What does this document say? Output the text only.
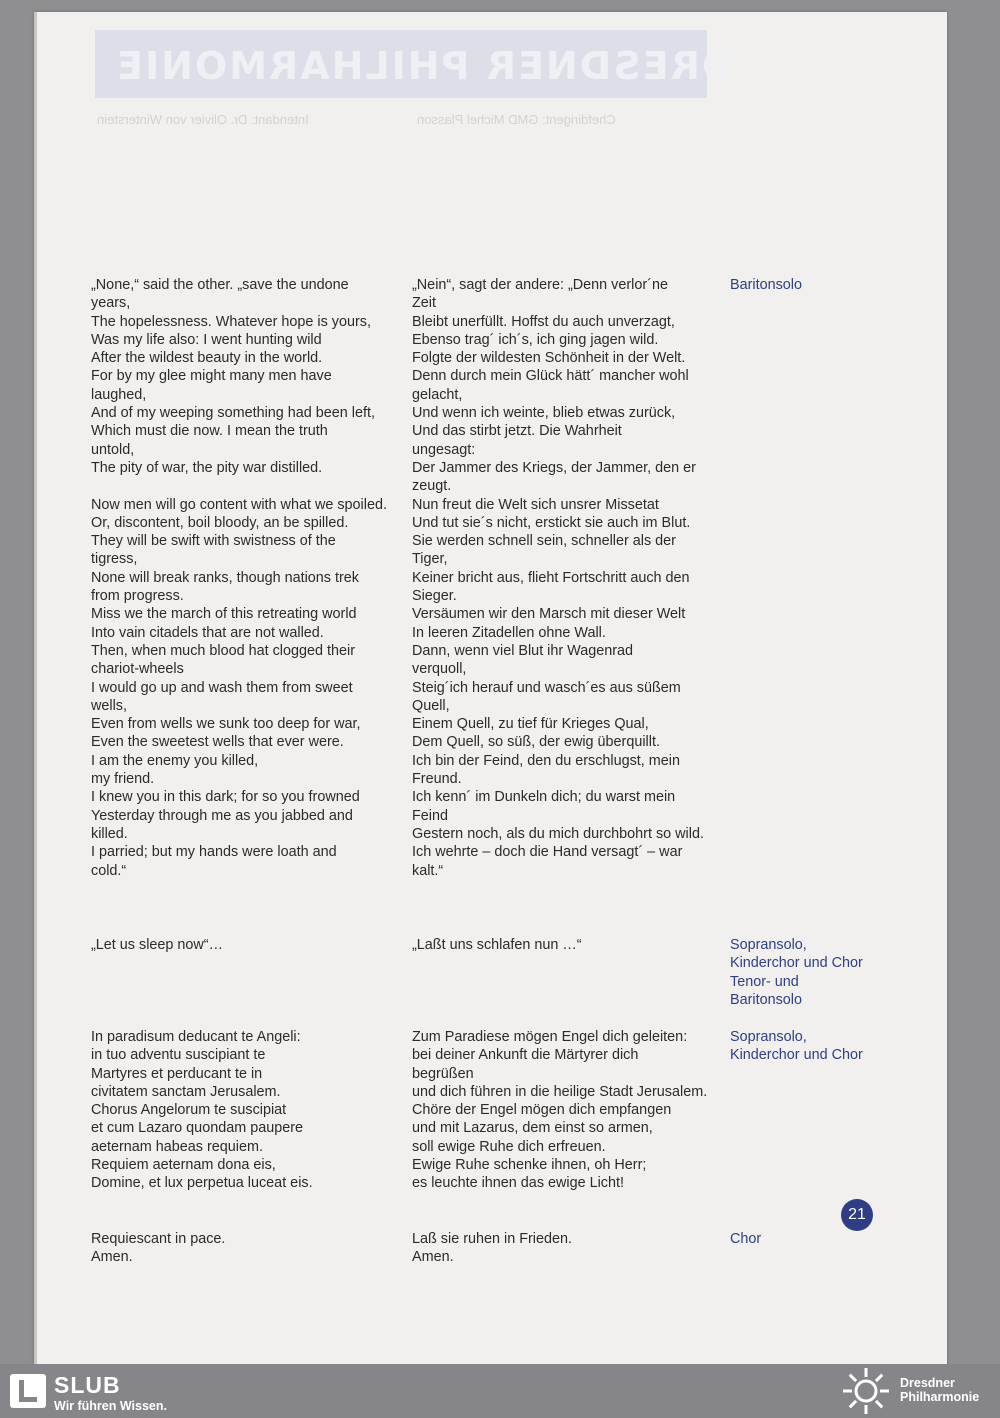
DRESDNER PHILHARMONIE
Chefdirigent: GMD Michel Plasson
Intendant: Dr. Olivier von Winterstein
„None,“ said the other. „save the undone
years,
The hopelessness. Whatever hope is yours,
Was my life also: I went hunting wild
After the wildest beauty in the world.
For by my glee might many men have
laughed,
And of my weeping something had been left,
Which must die now. I mean the truth
untold,
The pity of war, the pity war distilled.

Now men will go content with what we spoiled.
Or, discontent, boil bloody, an be spilled.
They will be swift with swistness of the
tigress,
None will break ranks, though nations trek
from progress.
Miss we the march of this retreating world
Into vain citadels that are not walled.
Then, when much blood hat clogged their
chariot-wheels
I would go up and wash them from sweet
wells,
Even from wells we sunk too deep for war,
Even the sweetest wells that ever were.
I am the enemy you killed,
my friend.
I knew you in this dark; for so you frowned
Yesterday through me as you jabbed and
killed.
I parried; but my hands were loath and
cold.“
„Nein“, sagt der andere: „Denn verlor´ne
Zeit
Bleibt unerfüllt. Hoffst du auch unverzagt,
Ebenso trag´ ich´s, ich ging jagen wild.
Folgte der wildesten Schönheit in der Welt.
Denn durch mein Glück hätt´ mancher wohl
gelacht,
Und wenn ich weinte, blieb etwas zurück,
Und das stirbt jetzt. Die Wahrheit
ungesagt:
Der Jammer des Kriegs, der Jammer, den er
zeugt.
Nun freut die Welt sich unsrer Missetat
Und tut sie´s nicht, erstickt sie auch im Blut.
Sie werden schnell sein, schneller als der
Tiger,
Keiner bricht aus, flieht Fortschritt auch den
Sieger.
Versäumen wir den Marsch mit dieser Welt
In leeren Zitadellen ohne Wall.
Dann, wenn viel Blut ihr Wagenrad
verquoll,
Steig´ich herauf und wasch´es aus süßem
Quell,
Einem Quell, zu tief für Krieges Qual,
Dem Quell, so süß, der ewig überquillt.
Ich bin der Feind, den du erschlugst, mein
Freund.
Ich kenn´ im Dunkeln dich; du warst mein
Feind
Gestern noch, als du mich durchbohrt so wild.
Ich wehrte – doch die Hand versagt´ – war
kalt.“
Baritonsolo
„Let us sleep now“…	„Laßt uns schlafen nun …“	Sopransolo,
Kinderchor und Chor
Tenor- und
Baritonsolo
In paradisum deducant te Angeli:
in tuo adventu suscipiant te
Martyres et perducant te in
civitatem sanctam Jerusalem.
Chorus Angelorum te suscipiat
et cum Lazaro quondam paupere
aeternam habeas requiem.
Requiem aeternam dona eis,
Domine, et lux perpetua luceat eis.
Zum Paradiese mögen Engel dich geleiten:
bei deiner Ankunft die Märtyrer dich
begrüßen
und dich führen in die heilige Stadt Jerusalem.
Chöre der Engel mögen dich empfangen
und mit Lazarus, dem einst so armen,
soll ewige Ruhe dich erfreuen.
Ewige Ruhe schenke ihnen, oh Herr;
es leuchte ihnen das ewige Licht!
Sopransolo,
Kinderchor und Chor
Requiescant in pace.
Amen.
Laß sie ruhen in Frieden.
Amen.
Chor
21
SLUB
Wir führen Wissen.
Dresdner
Philharmonie
